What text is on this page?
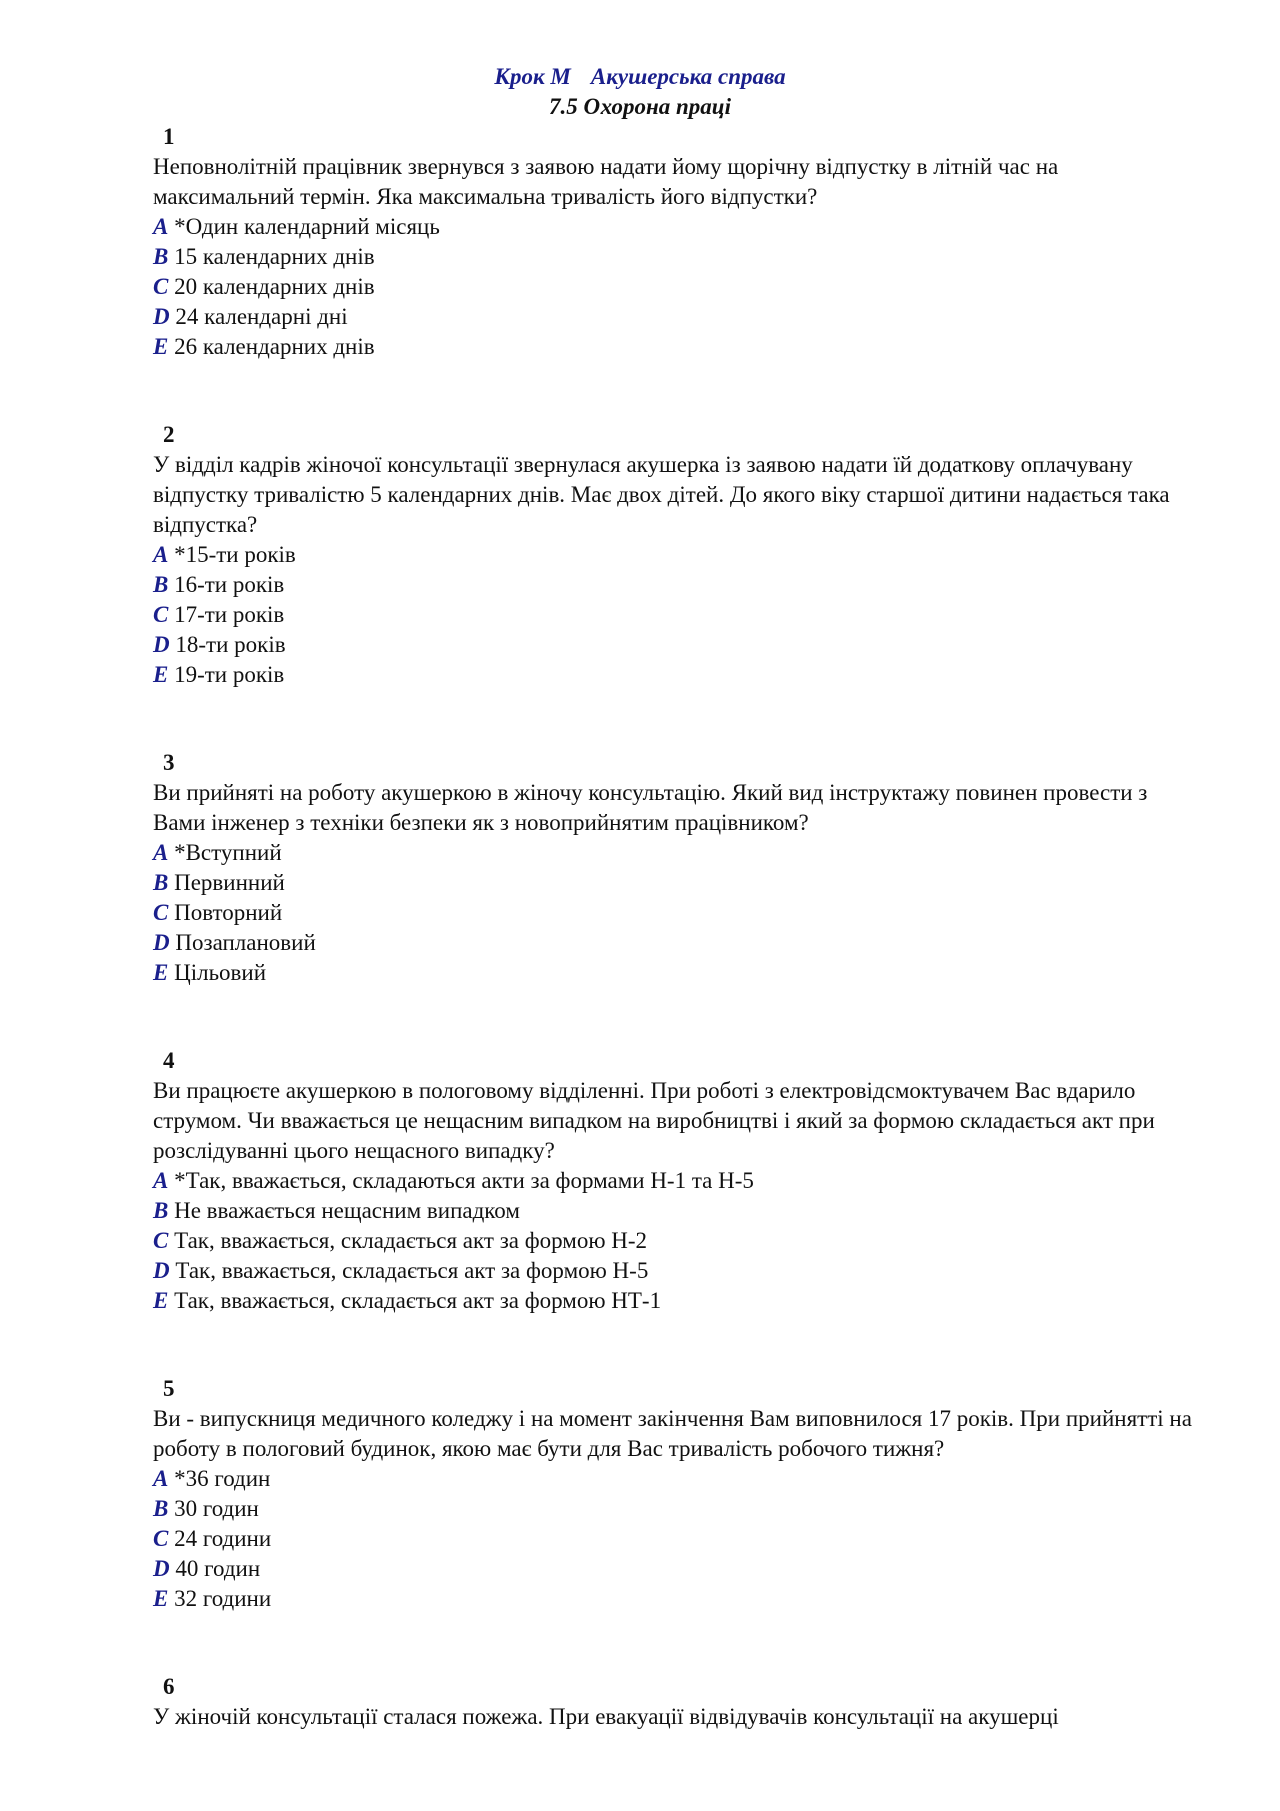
Крок М Акушерська справа
7.5 Охорона праці
1
Неповнолітній працівник звернувся з заявою надати йому щорічну відпустку в літній час на максимальний термін. Яка максимальна тривалість його відпустки?
A *Один календарний місяць
B 15 календарних днів
C 20 календарних днів
D 24 календарні дні
E 26 календарних днів
2
У відділ кадрів жіночої консультації звернулася акушерка із заявою надати їй додаткову оплачувану відпустку тривалістю 5 календарних днів. Має двох дітей. До якого віку старшої дитини надається така відпустка?
A *15-ти років
B 16-ти років
C 17-ти років
D 18-ти років
E 19-ти років
3
Ви прийняті на роботу акушеркою в жіночу консультацію. Який вид інструктажу повинен провести з Вами інженер з техніки безпеки як з новоприйнятим працівником?
A *Вступний
B Первинний
C Повторний
D Позаплановий
E Цільовий
4
Ви працюєте акушеркою в пологовому відділенні. При роботі з електровідсмоктувачем Вас вдарило струмом. Чи вважається це нещасним випадком на виробництві і який за формою складається акт при розслідуванні цього нещасного випадку?
A *Так, вважається, складаються акти за формами Н-1 та Н-5
B Не вважається нещасним випадком
C Так, вважається, складається акт за формою Н-2
D Так, вважається, складається акт за формою Н-5
E Так, вважається, складається акт за формою НТ-1
5
Ви - випускниця медичного коледжу і на момент закінчення Вам виповнилося 17 років. При прийнятті на роботу в пологовий будинок, якою має бути для Вас тривалість робочого тижня?
A *36 годин
B 30 годин
C 24 години
D 40 годин
E 32 години
6
У жіночій консультації сталася пожежа. При евакуації відвідувачів консультації на акушерці
